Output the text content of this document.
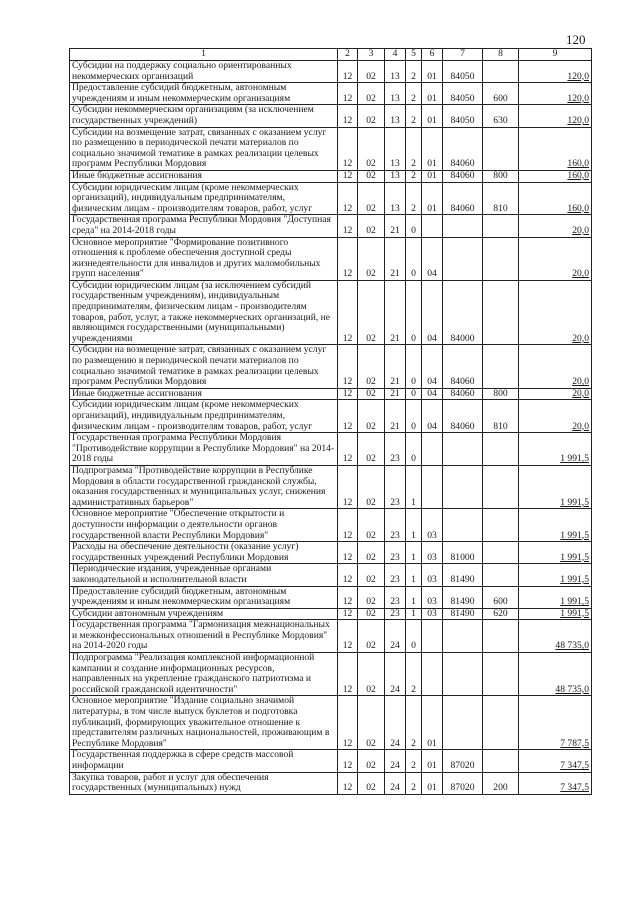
120
1	2	3	4	5	6	7	8	9
Субсидии на поддержку социально ориентированных некоммерческих организаций	12	02	13	2	01	84050		120,0
Предоставление субсидий бюджетным, автономным учреждениям и иным некоммерческим организациям	12	02	13	2	01	84050	600	120,0
Субсидии некоммерческим организациям (за исключением государственных учреждений)	12	02	13	2	01	84050	630	120,0
Субсидии на возмещение затрат, связанных с оказанием услуг по размещению в периодической печати материалов по социально значимой тематике в рамках реализации целевых программ Республики Мордовия	12	02	13	2	01	84060		160,0
Иные бюджетные ассигнования	12	02	13	2	01	84060	800	160,0
Субсидии юридическим лицам (кроме некоммерческих организаций), индивидуальным предпринимателям, физическим лицам - производителям товаров, работ, услуг	12	02	13	2	01	84060	810	160,0
Государственная программа Республики Мордовия "Доступная среда" на 2014-2018 годы	12	02	21	0				20,0
Основное мероприятие "Формирование позитивного отношения к проблеме обеспечения доступной среды жизнедеятельности для инвалидов и других маломобильных групп населения"	12	02	21	0	04			20,0
Субсидии юридическим лицам (за исключением субсидий государственным учреждениям), индивидуальным предпринимателям, физическим лицам - производителям товаров, работ, услуг, а также некоммерческих организаций, не являющимся государственными (муниципальными) учреждениями	12	02	21	0	04	84000		20,0
Субсидии на возмещение затрат, связанных с оказанием услуг по размещению в периодической печати материалов по социально значимой тематике в рамках реализации целевых программ Республики Мордовия	12	02	21	0	04	84060		20,0
Иные бюджетные ассигнования	12	02	21	0	04	84060	800	20,0
Субсидии юридическим лицам (кроме некоммерческих организаций), индивидуальным предпринимателям, физическим лицам - производителям товаров, работ, услуг	12	02	21	0	04	84060	810	20,0
Государственная программа Республики Мордовия "Противодействие коррупции в Республике Мордовия" на 2014-2018 годы	12	02	23	0				1 991,5
Подпрограмма "Противодействие коррупции в Республике Мордовия в области государственной гражданской службы, оказания государственных и муниципальных услуг, снижения административных барьеров"	12	02	23	1				1 991,5
Основное мероприятие "Обеспечение открытости и доступности информации о деятельности органов государственной власти Республики Мордовия"	12	02	23	1	03			1 991,5
Расходы на обеспечение деятельности (оказание услуг) государственных учреждений Республики Мордовия	12	02	23	1	03	81000		1 991,5
Периодические издания, учрежденные органами законодательной и исполнительной власти	12	02	23	1	03	81490		1 991,5
Предоставление субсидий бюджетным, автономным учреждениям и иным некоммерческим организациям	12	02	23	1	03	81490	600	1 991,5
Субсидии автономным учреждениям	12	02	23	1	03	81490	620	1 991,5
Государственная программа "Гармонизация межнациональных и межконфессиональных отношений в Республике Мордовия" на 2014-2020 годы	12	02	24	0				48 735,0
Подпрограмма "Реализация комплексной информационной кампании и создание информационных ресурсов, направленных на укрепление гражданского патриотизма и российской гражданской идентичности"	12	02	24	2				48 735,0
Основное мероприятие "Издание социально значимой литературы, в том числе выпуск буклетов и подготовка публикаций, формирующих уважительное отношение к представителям различных национальностей, проживающим в Республике Мордовия"	12	02	24	2	01			7 787,5
Государственная поддержка в сфере средств массовой информации	12	02	24	2	01	87020		7 347,5
Закупка товаров, работ и услуг для обеспечения государственных (муниципальных) нужд	12	02	24	2	01	87020	200	7 347,5
